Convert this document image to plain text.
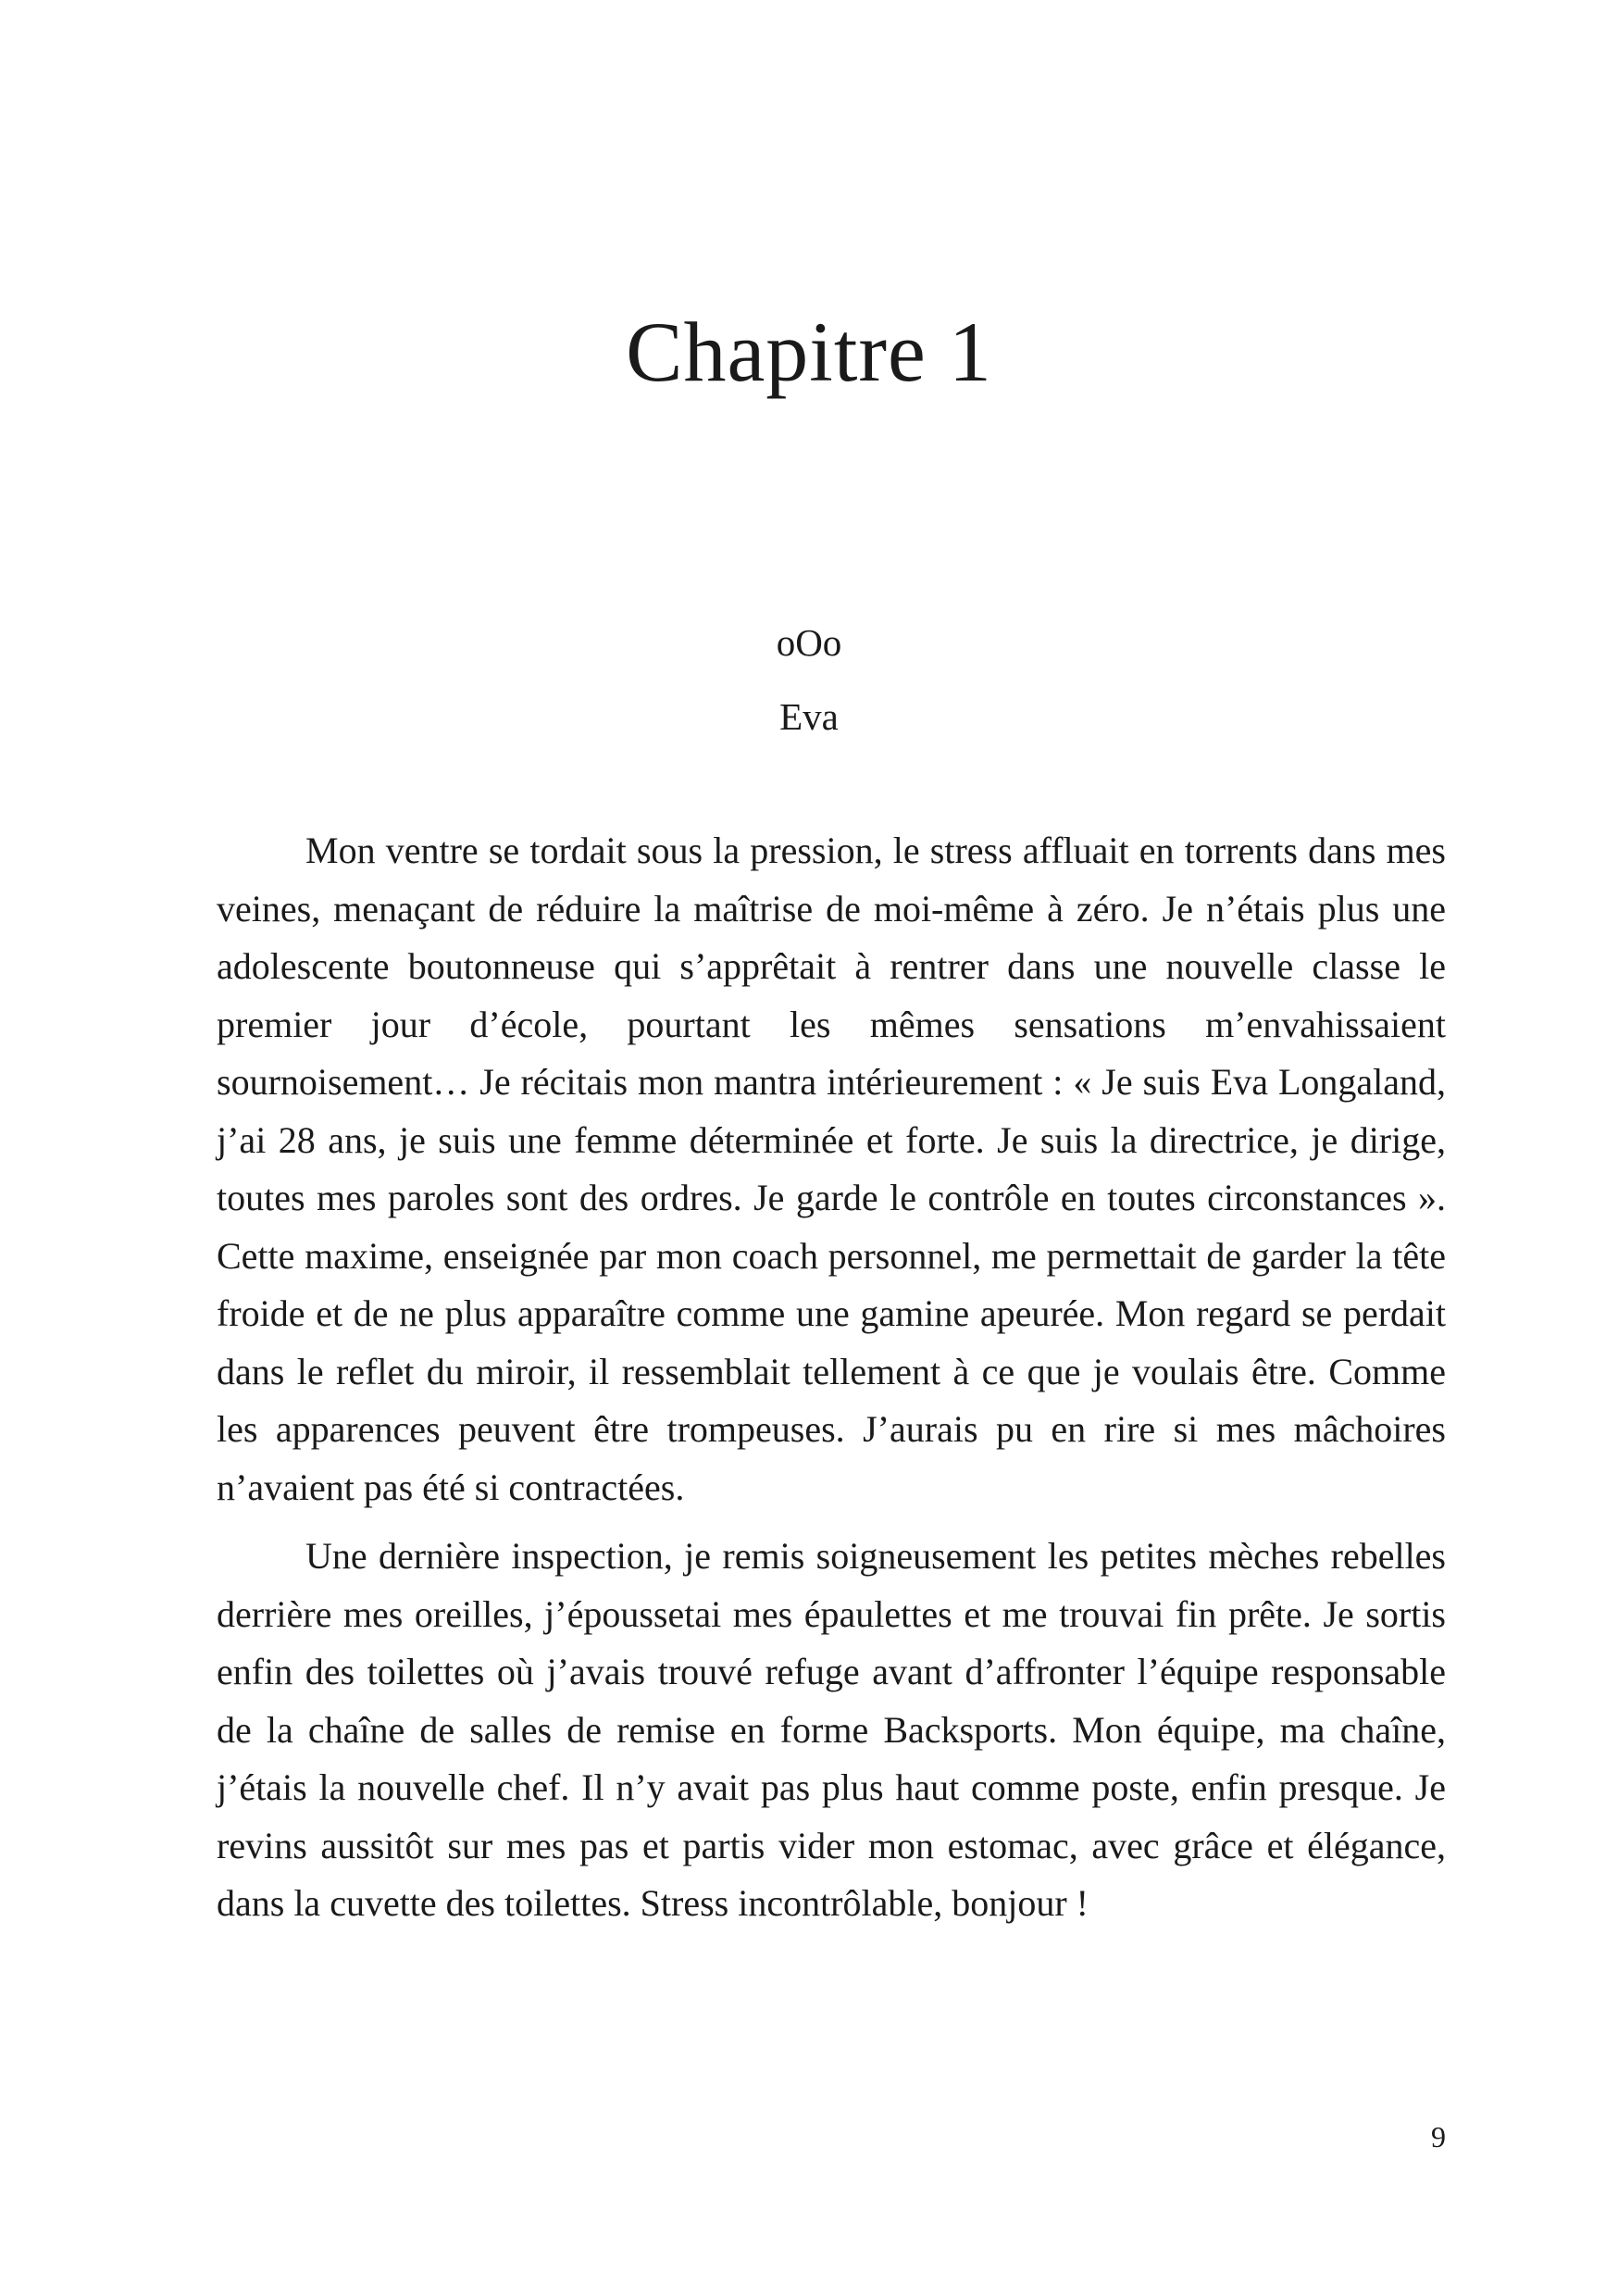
Chapitre 1
oOo
Eva

Mon ventre se tordait sous la pression, le stress affluait en torrents dans mes veines, menaçant de réduire la maîtrise de moi-même à zéro. Je n’étais plus une adolescente boutonneuse qui s’apprêtait à rentrer dans une nouvelle classe le premier jour d’école, pourtant les mêmes sensations m’envahissaient sournoisement… Je récitais mon mantra intérieurement : « Je suis Eva Longaland, j’ai 28 ans, je suis une femme déterminée et forte. Je suis la directrice, je dirige, toutes mes paroles sont des ordres. Je garde le contrôle en toutes circonstances ». Cette maxime, enseignée par mon coach personnel, me permettait de garder la tête froide et de ne plus apparaître comme une gamine apeurée. Mon regard se perdait dans le reflet du miroir, il ressemblait tellement à ce que je voulais être. Comme les apparences peuvent être trompeuses. J’aurais pu en rire si mes mâchoires n’avaient pas été si contractées.

Une dernière inspection, je remis soigneusement les petites mèches rebelles derrière mes oreilles, j’époussetai mes épaulettes et me trouvai fin prête. Je sortis enfin des toilettes où j’avais trouvé refuge avant d’affronter l’équipe responsable de la chaîne de salles de remise en forme Backsports. Mon équipe, ma chaîne, j’étais la nouvelle chef. Il n’y avait pas plus haut comme poste, enfin presque. Je revins aussitôt sur mes pas et partis vider mon estomac, avec grâce et élégance, dans la cuvette des toilettes. Stress incontrôlable, bonjour !

9
